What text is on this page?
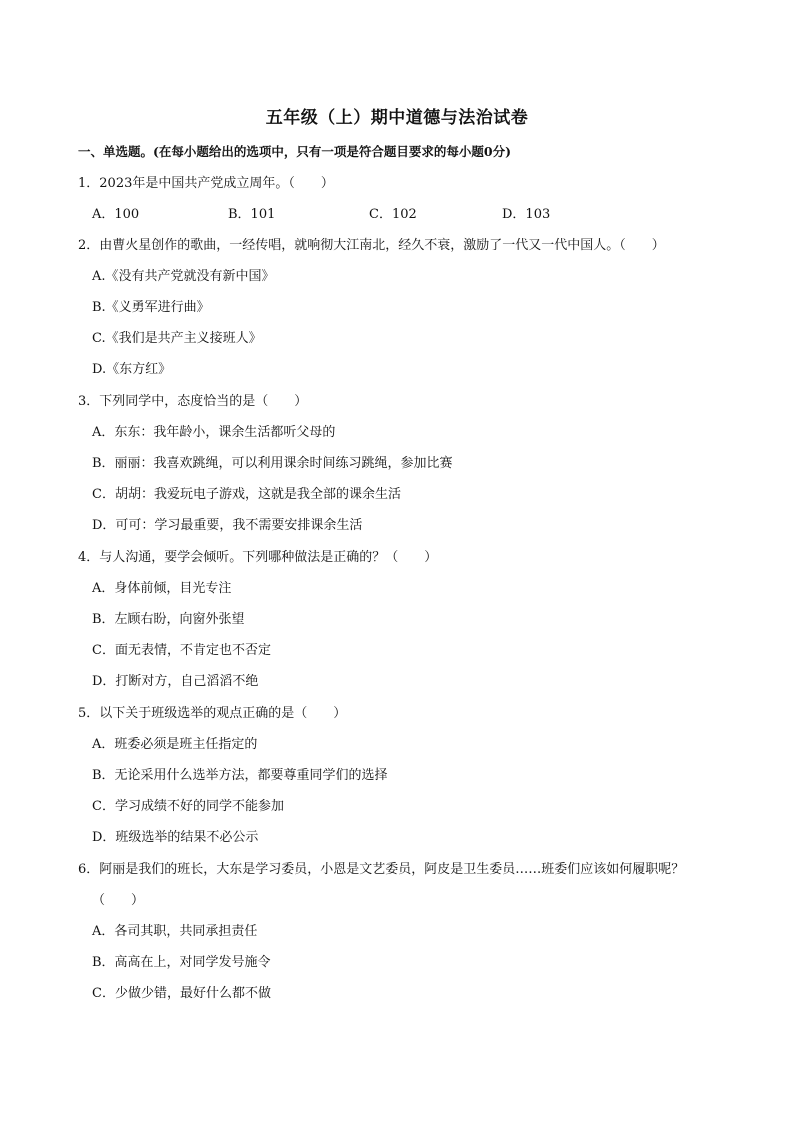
五年级（上）期中道德与法治试卷
一、单选题。(在每小题给出的选项中，只有一项是符合题目要求的每小题0分)
1．2023年是中国共产党成立周年。（　　）
A．100	B．101	C．102	D．103
2．由曹火星创作的歌曲，一经传唱，就响彻大江南北，经久不衰，激励了一代又一代中国人。（　　）
A.《没有共产党就没有新中国》
B.《义勇军进行曲》
C.《我们是共产主义接班人》
D.《东方红》
3．下列同学中，态度恰当的是（　　）
A．东东：我年龄小，课余生活都听父母的
B．丽丽：我喜欢跳绳，可以利用课余时间练习跳绳，参加比赛
C．胡胡：我爱玩电子游戏，这就是我全部的课余生活
D．可可：学习最重要，我不需要安排课余生活
4．与人沟通，要学会倾听。下列哪种做法是正确的？（　　）
A．身体前倾，目光专注
B．左顾右盼，向窗外张望
C．面无表情，不肯定也不否定
D．打断对方，自己滔滔不绝
5．以下关于班级选举的观点正确的是（　　）
A．班委必须是班主任指定的
B．无论采用什么选举方法，都要尊重同学们的选择
C．学习成绩不好的同学不能参加
D．班级选举的结果不必公示
6．阿丽是我们的班长，大东是学习委员，小恩是文艺委员，阿皮是卫生委员……班委们应该如何履职呢？
（　　）
A．各司其职，共同承担责任
B．高高在上，对同学发号施令
C．少做少错，最好什么都不做
